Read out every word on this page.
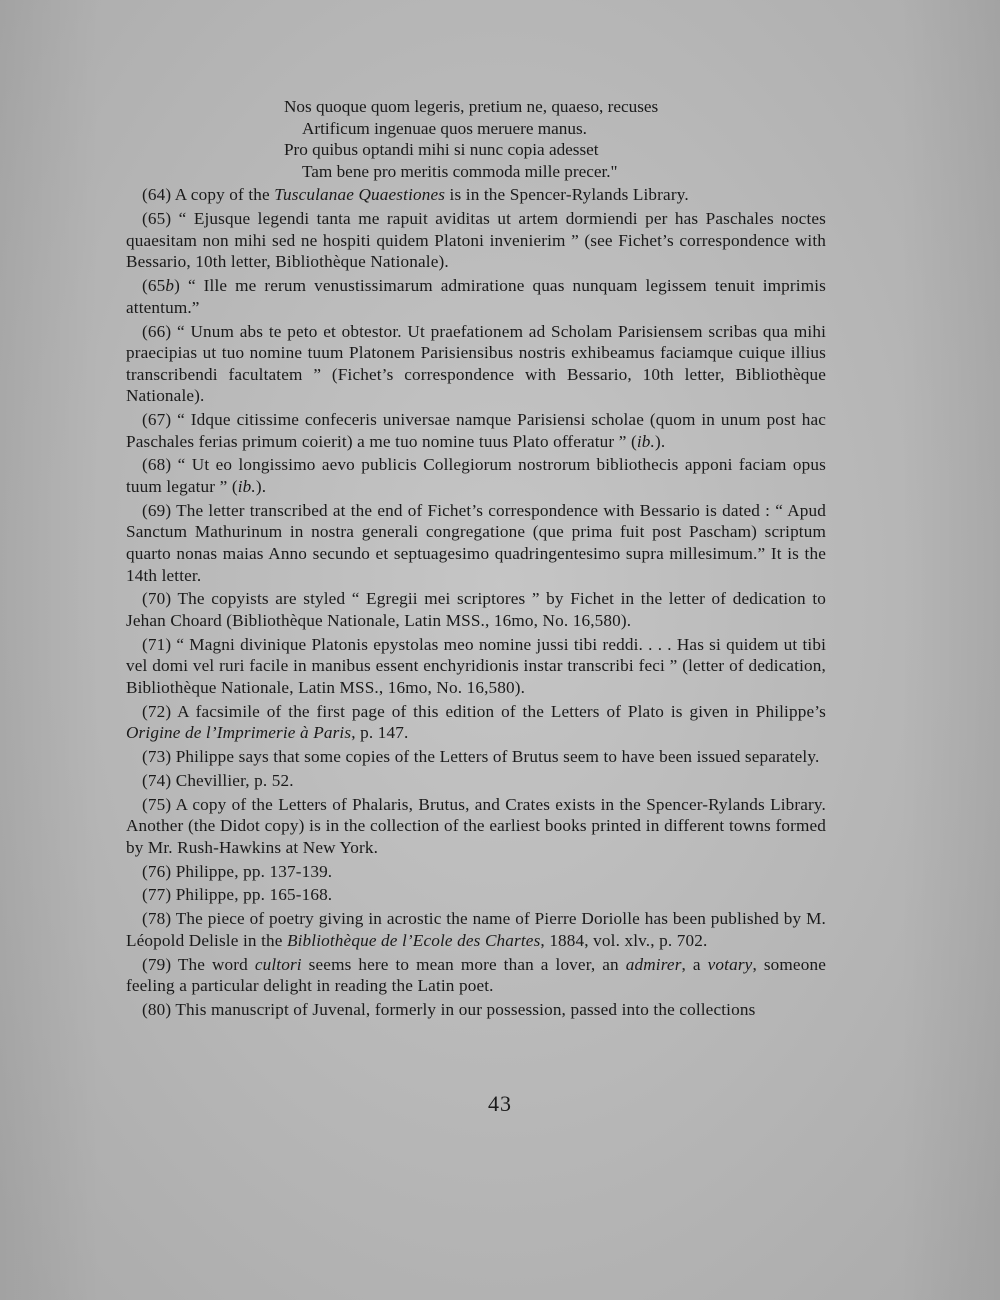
Nos quoque quom legeris, pretium ne, quaeso, recuses
Artificum ingenuae quos meruere manus.
Pro quibus optandi mihi si nunc copia adesset
Tam bene pro meritis commoda mille precer."

(64) A copy of the Tusculanae Quaestiones is in the Spencer-Rylands Library.

(65) “ Ejusque legendi tanta me rapuit aviditas ut artem dormiendi per has Paschales noctes quaesitam non mihi sed ne hospiti quidem Platoni invenierim ” (see Fichet’s correspondence with Bessario, 10th letter, Bibliothèque Nationale).

(65b) “ Ille me rerum venustissimarum admiratione quas nunquam legissem tenuit imprimis attentum.”

(66) “ Unum abs te peto et obtestor. Ut praefationem ad Scholam Parisiensem scribas qua mihi praecipias ut tuo nomine tuum Platonem Parisiensibus nostris exhibeamus faciamque cuique illius transcribendi facultatem ” (Fichet’s correspondence with Bessario, 10th letter, Bibliothèque Nationale).

(67) “ Idque citissime confeceris universae namque Parisiensi scholae (quom in unum post hac Paschales ferias primum coierit) a me tuo nomine tuus Plato offeratur ” (ib.).

(68) “ Ut eo longissimo aevo publicis Collegiorum nostrorum bibliothecis apponi faciam opus tuum legatur ” (ib.).

(69) The letter transcribed at the end of Fichet’s correspondence with Bessario is dated : “ Apud Sanctum Mathurinum in nostra generali congregatione (que prima fuit post Pascham) scriptum quarto nonas maias Anno secundo et septuagesimo quadringentesimo supra millesimum.” It is the 14th letter.

(70) The copyists are styled “ Egregii mei scriptores ” by Fichet in the letter of dedication to Jehan Choard (Bibliothèque Nationale, Latin MSS., 16mo, No. 16,580).

(71) “ Magni divinique Platonis epystolas meo nomine jussi tibi reddi. . . . Has si quidem ut tibi vel domi vel ruri facile in manibus essent enchyridionis instar transcribi feci ” (letter of dedication, Bibliothèque Nationale, Latin MSS., 16mo, No. 16,580).

(72) A facsimile of the first page of this edition of the Letters of Plato is given in Philippe’s Origine de l’Imprimerie à Paris, p. 147.

(73) Philippe says that some copies of the Letters of Brutus seem to have been issued separately.

(74) Chevillier, p. 52.

(75) A copy of the Letters of Phalaris, Brutus, and Crates exists in the Spencer-Rylands Library. Another (the Didot copy) is in the collection of the earliest books printed in different towns formed by Mr. Rush-Hawkins at New York.

(76) Philippe, pp. 137-139.

(77) Philippe, pp. 165-168.

(78) The piece of poetry giving in acrostic the name of Pierre Doriolle has been published by M. Léopold Delisle in the Bibliothèque de l’Ecole des Chartes, 1884, vol. xlv., p. 702.

(79) The word cultori seems here to mean more than a lover, an admirer, a votary, someone feeling a particular delight in reading the Latin poet.

(80) This manuscript of Juvenal, formerly in our possession, passed into the collections

43
